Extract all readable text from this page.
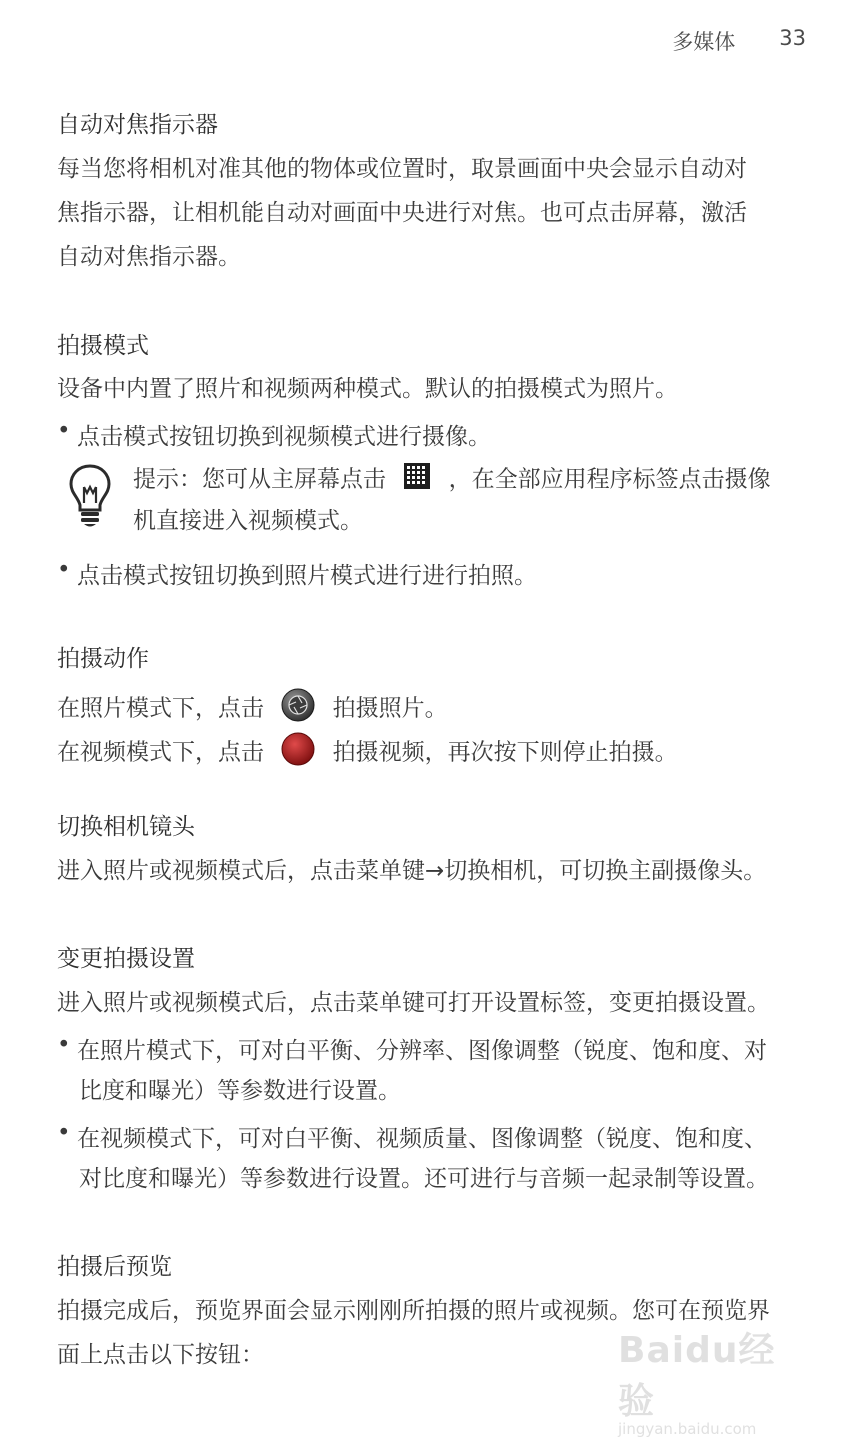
多媒体 33
自动对焦指示器
每当您将相机对准其他的物体或位置时，取景画面中央会显示自动对
焦指示器，让相机能自动对画面中央进行对焦。也可点击屏幕，激活
自动对焦指示器。
拍摄模式
设备中内置了照片和视频两种模式。默认的拍摄模式为照片。
• 点击模式按钮切换到视频模式进行摄像。
提示：您可从主屏幕点击	，在全部应用程序标签点击摄像
机直接进入视频模式。
• 点击模式按钮切换到照片模式进行进行拍照。
拍摄动作
在照片模式下，点击	拍摄照片。
在视频模式下，点击	拍摄视频，再次按下则停止拍摄。
切换相机镜头
进入照片或视频模式后，点击菜单键→切换相机，可切换主副摄像头。
变更拍摄设置
进入照片或视频模式后，点击菜单键可打开设置标签，变更拍摄设置。
• 在照片模式下，可对白平衡、分辨率、图像调整（锐度、饱和度、对
比度和曝光）等参数进行设置。
• 在视频模式下，可对白平衡、视频质量、图像调整（锐度、饱和度、
对比度和曝光）等参数进行设置。还可进行与音频一起录制等设置。
拍摄后预览
拍摄完成后，预览界面会显示刚刚所拍摄的照片或视频。您可在预览界
面上点击以下按钮：	Baidu经验
jingyan.baidu.com
